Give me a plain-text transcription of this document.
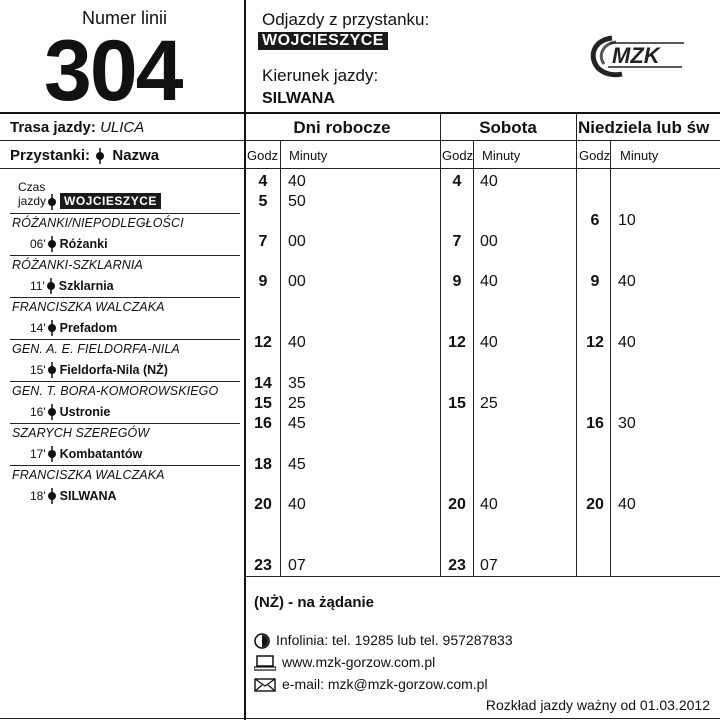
Numer linii
304
Odjazdy z przystanku:
WOJCIESZYCE
Kierunek jazdy:
SILWANA
MZK
Trasa jazdy: ULICA
Przystanki: Nazwa
Czas
jazdy WOJCIESZYCE
RÓŻANKI/NIEPODLEGŁOŚCI
06' Różanki
RÓŻANKI-SZKLARNIA
11' Szklarnia
FRANCISZKA WALCZAKA
14' Prefadom
GEN. A. E. FIELDORFA-NILA
15' Fieldorfa-Nila (NŻ)
GEN. T. BORA-KOMOROWSKIEGO
16' Ustronie
SZARYCH SZEREGÓW
17' Kombatantów
FRANCISZKA WALCZAKA
18' SILWANA
Dni robocze	Sobota	Niedziela lub św
Godz Minuty	Godz Minuty	Godz Minuty
4	40
5	50
7	00
9	00
12	40
14	35
15	25
16	45
18	45
20	40
23	07
4	40
7	00
9	40
12 40
15 25
20 40
23 07
6	10
9	40
12 40
16 30
20 40
(NŻ) - na żądanie
Infolinia: tel. 19285 lub tel. 957287833
www.mzk-gorzow.com.pl
e-mail: mzk@mzk-gorzow.com.pl
Rozkład jazdy ważny od 01.03.2012
